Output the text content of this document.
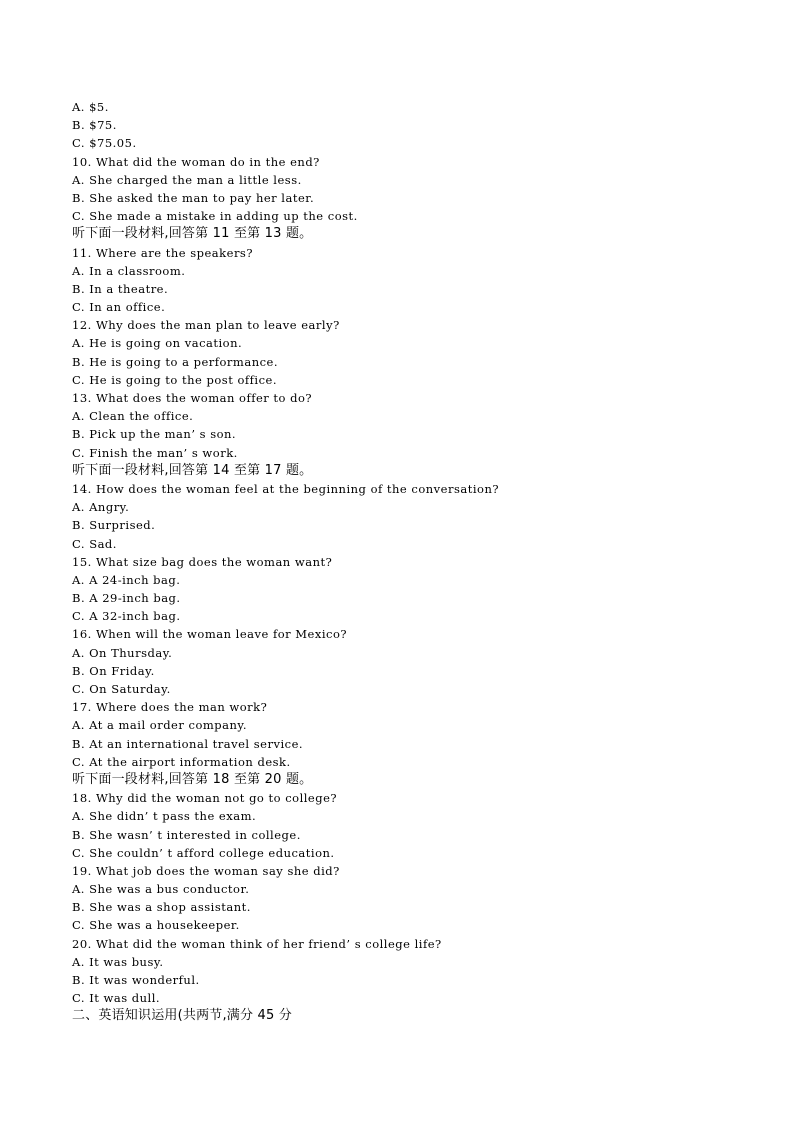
A. $5.
B. $75.
C. $75.05.
10. What did the woman do in the end?
A. She charged the man a little less.
B. She asked the man to pay her later.
C. She made a mistake in adding up the cost.
听下面一段材料,回答第 11 至第 13 题。
11. Where are the speakers?
A. In a classroom.
B. In a theatre.
C. In an office.
12. Why does the man plan to leave early?
A. He is going on vacation.
B. He is going to a performance.
C. He is going to the post office.
13. What does the woman offer to do?
A. Clean the office.
B. Pick up the man’ s son.
C. Finish the man’ s work.
听下面一段材料,回答第 14 至第 17 题。
14. How does the woman feel at the beginning of the conversation?
A. Angry.
B. Surprised.
C. Sad.
15. What size bag does the woman want?
A. A 24-inch bag.
B. A 29-inch bag.
C. A 32-inch bag.
16. When will the woman leave for Mexico?
A. On Thursday.
B. On Friday.
C. On Saturday.
17. Where does the man work?
A. At a mail order company.
B. At an international travel service.
C. At the airport information desk.
听下面一段材料,回答第 18 至第 20 题。
18. Why did the woman not go to college?
A. She didn’ t pass the exam.
B. She wasn’ t interested in college.
C. She couldn’ t afford college education.
19. What job does the woman say she did?
A. She was a bus conductor.
B. She was a shop assistant.
C. She was a housekeeper.
20. What did the woman think of her friend’ s college life?
A. It was busy.
B. It was wonderful.
C. It was dull.
二、英语知识运用(共两节,满分 45 分
